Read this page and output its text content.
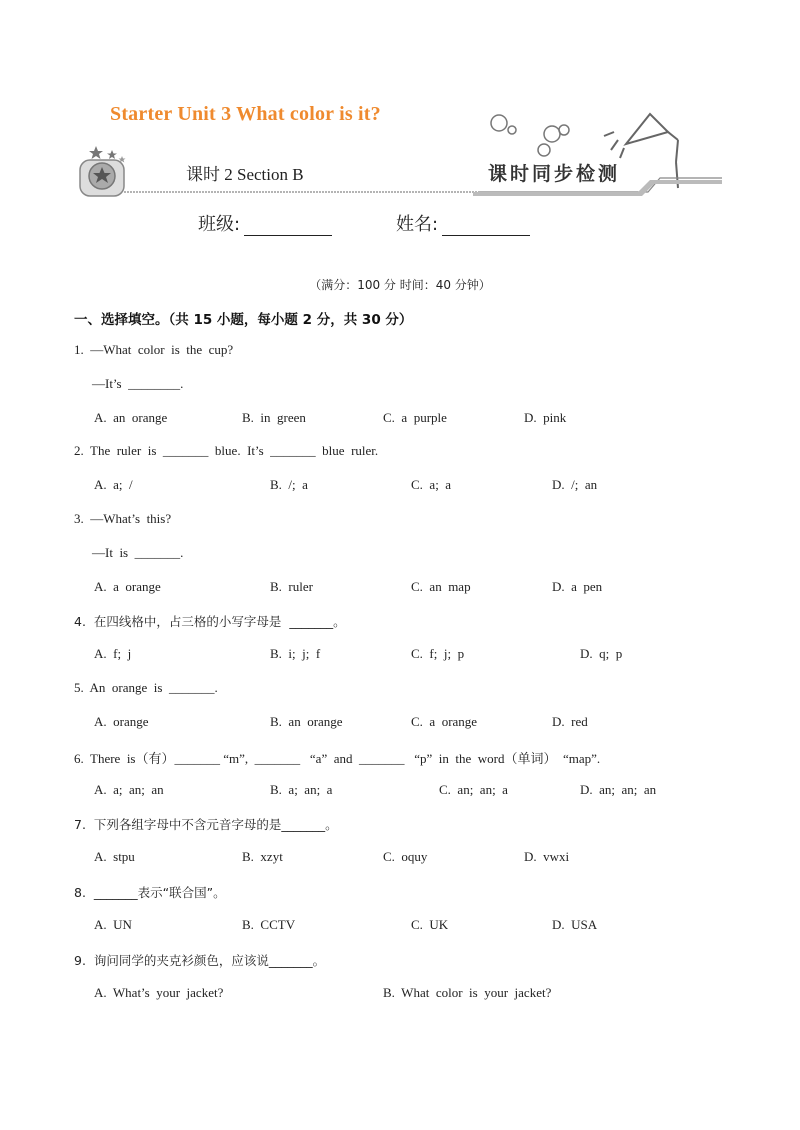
Starter Unit 3 What color is it?
课时 2 Section B	课时同步检测
班级:	姓名:
（满分：100 分 时间：40 分钟）
一、选择填空。（共 15 小题，每小题 2 分，共 30 分）
1.  —What  color  is  the  cup?
—It’s  ________.
A.  an  orange	B.  in  green	C.  a  purple	D.  pink
2.  The  ruler  is  _______  blue.  It’s  _______  blue  ruler.
A.  a;  /	B.  /;  a	C.  a;  a	D.  /;  an
3.  —What’s  this?
—It  is  _______.
A.  a  orange	B.  ruler	C.  an  map	D.  a  pen
4.  在四线格中，占三格的小写字母是  _______。
A.  f;  j	B.  i;  j;  f	C.  f;  j;  p	D.  q;  p
5.  An  orange  is  _______.
A.  orange	B.  an  orange	C.  a  orange	D.  red
6.  There  is（有）_______ “m”,  _______   “a”  and  _______   “p”  in  the  word（单词）  “map”.
A.  a;  an;  an	B.  a;  an;  a	C.  an;  an;  a	D.  an;  an;  an
7.  下列各组字母中不含元音字母的是_______。
A.  stpu	B.  xzyt	C.  oquy	D.  vwxi
8.  _______表示“联合国”。
A.  UN	B.  CCTV	C.  UK	D.  USA
9.  询问同学的夹克衫颜色，应该说_______。
A.  What’s  your  jacket?	B.  What  color  is  your  jacket?
